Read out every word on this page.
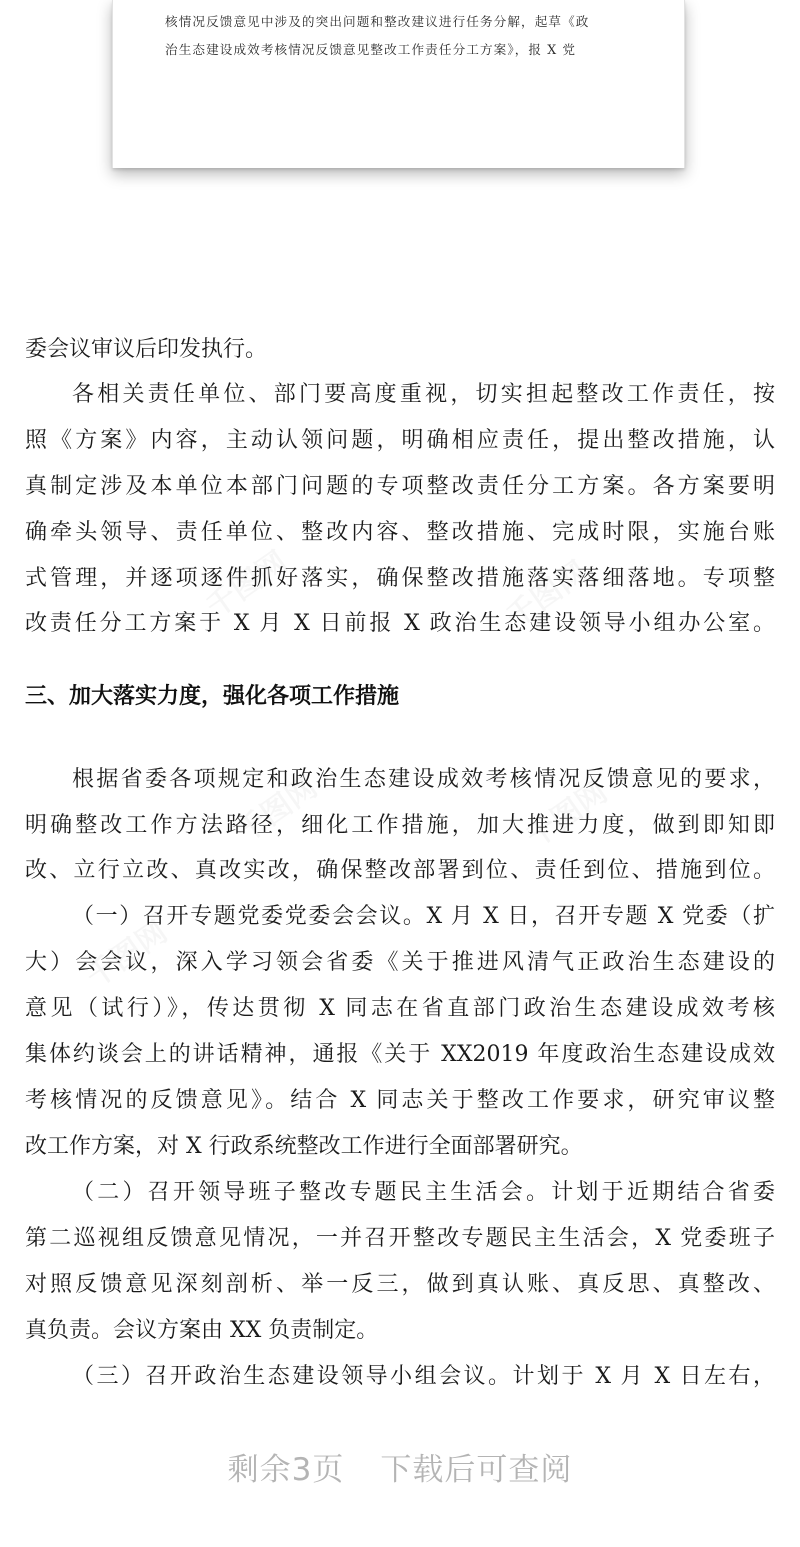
核情况反馈意见中涉及的突出问题和整改建议进行任务分解，起草《政
治生态建设成效考核情况反馈意见整改工作责任分工方案》，报 X 党
委会议审议后印发执行。
各相关责任单位、部门要高度重视，切实担起整改工作责任，按
照《方案》内容，主动认领问题，明确相应责任，提出整改措施，认
真制定涉及本单位本部门问题的专项整改责任分工方案。各方案要明
确牵头领导、责任单位、整改内容、整改措施、完成时限，实施台账
式管理，并逐项逐件抓好落实，确保整改措施落实落细落地。专项整
改责任分工方案于 X 月 X 日前报 X 政治生态建设领导小组办公室。
三、加大落实力度，强化各项工作措施
根据省委各项规定和政治生态建设成效考核情况反馈意见的要求，
明确整改工作方法路径，细化工作措施，加大推进力度，做到即知即
改、立行立改、真改实改，确保整改部署到位、责任到位、措施到位。
（一）召开专题党委党委会会议。X 月 X 日，召开专题 X 党委（扩
大）会会议，深入学习领会省委《关于推进风清气正政治生态建设的
意见（试行）》，传达贯彻 X 同志在省直部门政治生态建设成效考核
集体约谈会上的讲话精神，通报《关于 XX2019 年度政治生态建设成效
考核情况的反馈意见》。结合 X 同志关于整改工作要求，研究审议整
改工作方案，对 X 行政系统整改工作进行全面部署研究。
（二）召开领导班子整改专题民主生活会。计划于近期结合省委
第二巡视组反馈意见情况，一并召开整改专题民主生活会，X 党委班子
对照反馈意见深刻剖析、举一反三，做到真认账、真反思、真整改、
真负责。会议方案由 XX 负责制定。
（三）召开政治生态建设领导小组会议。计划于 X 月 X 日左右，
剩余3页 下载后可查阅
